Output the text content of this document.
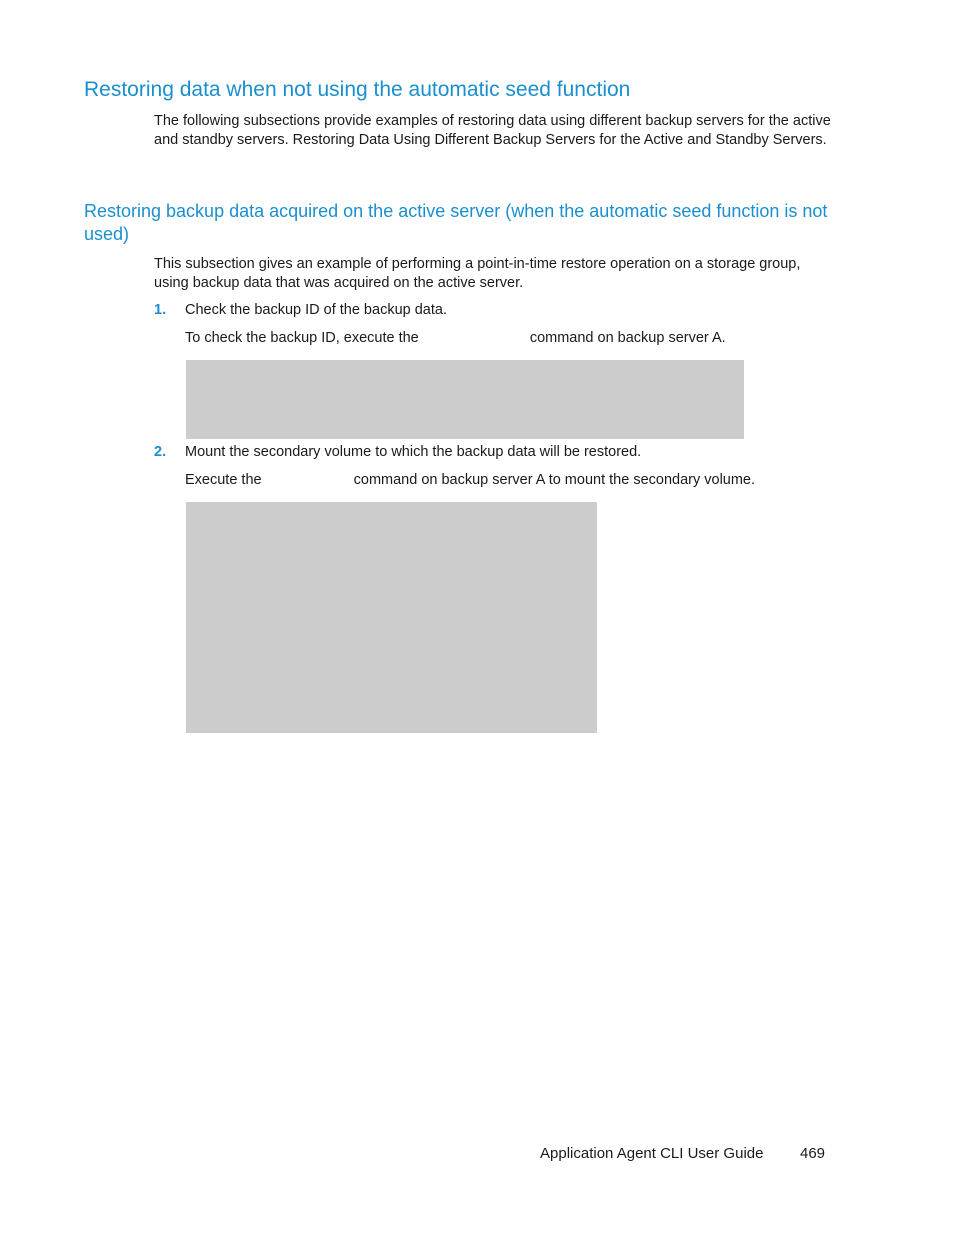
Restoring data when not using the automatic seed function

The following subsections provide examples of restoring data using different backup servers for the active and standby servers. Restoring Data Using Different Backup Servers for the Active and Standby Servers.

Restoring backup data acquired on the active server (when the automatic seed function is not used)

This subsection gives an example of performing a point-in-time restore operation on a storage group, using backup data that was acquired on the active server.

1. Check the backup ID of the backup data.
To check the backup ID, execute the	command on backup server A.
2. Mount the secondary volume to which the backup data will be restored.
Execute the	command on backup server A to mount the secondary volume.
Application Agent CLI User Guide 469
